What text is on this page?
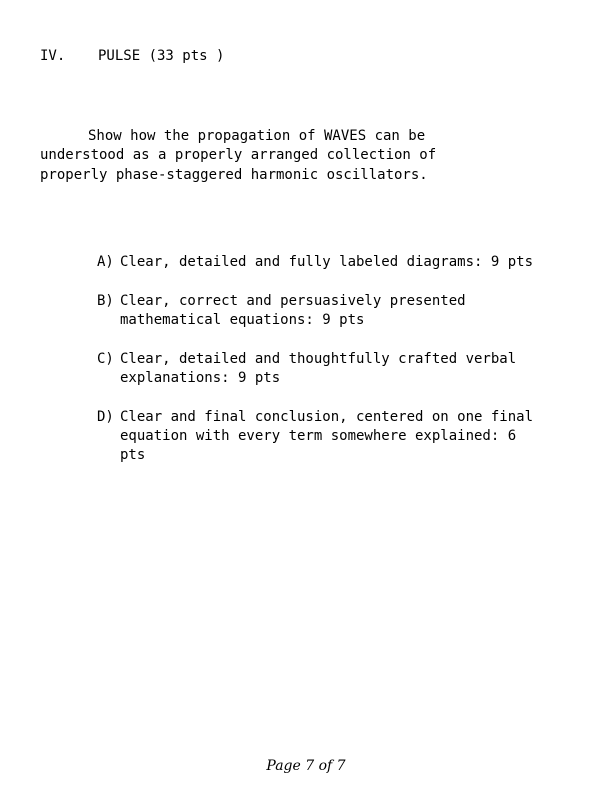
IV. PULSE (33 pts )

Show how the propagation of WAVES can be understood as a properly arranged collection of properly phase-staggered harmonic oscillators.

A) Clear, detailed and fully labeled diagrams: 9 pts
B) Clear, correct and persuasively presented mathematical equations: 9 pts
C) Clear, detailed and thoughtfully crafted verbal explanations: 9 pts
D) Clear and final conclusion, centered on one final equation with every term somewhere explained: 6 pts
Page 7 of 7
